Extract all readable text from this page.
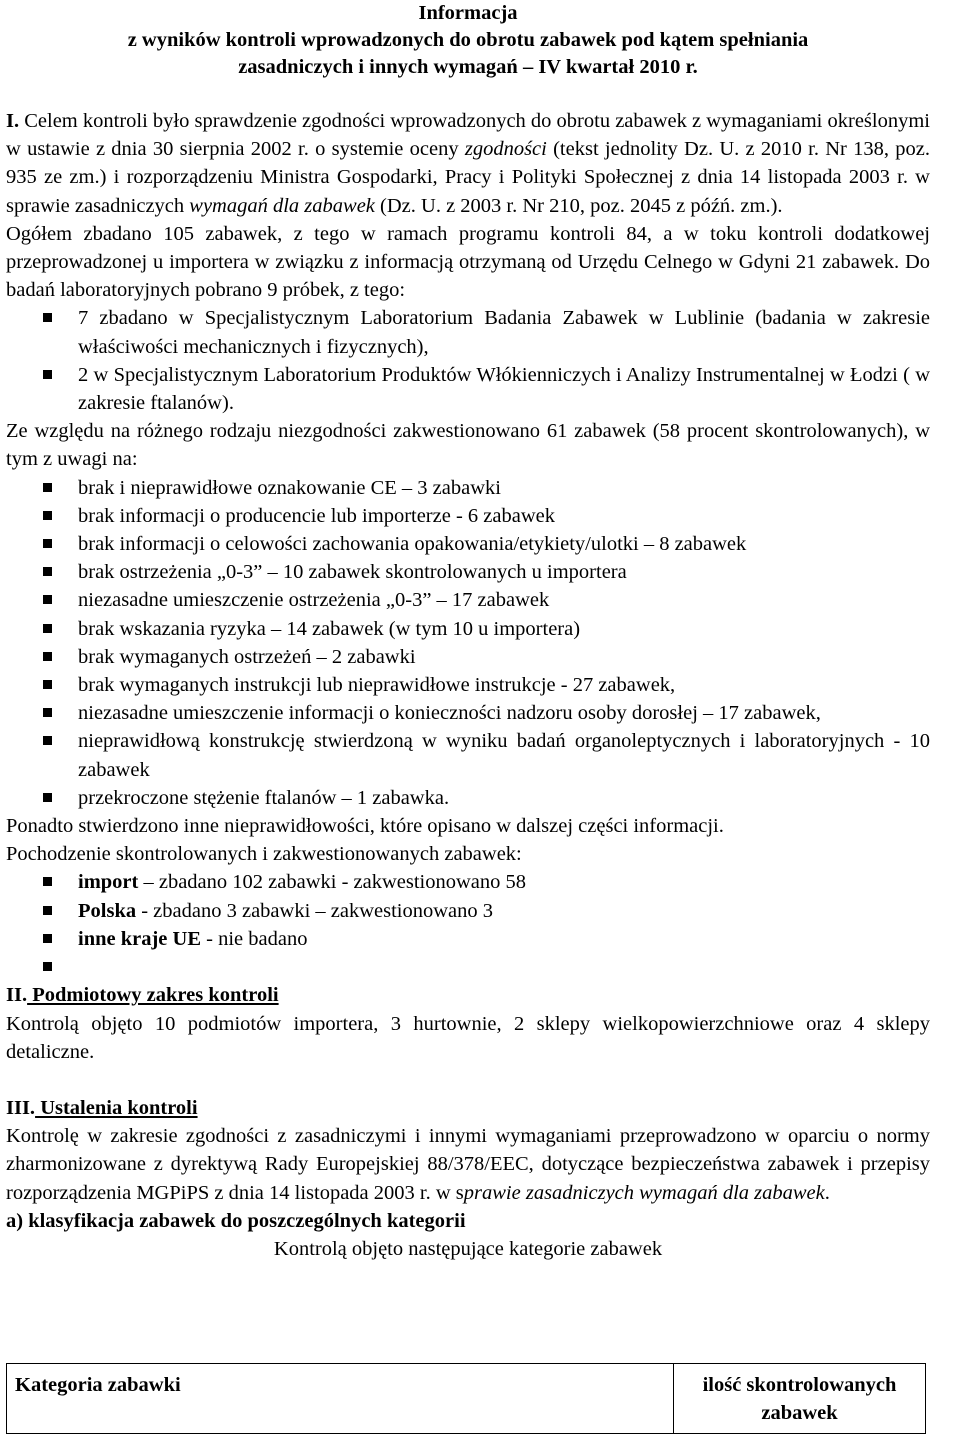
Informacja
z wyników kontroli wprowadzonych do obrotu zabawek pod kątem spełniania
zasadniczych i innych wymagań – IV kwartał 2010 r.

I. Celem kontroli było sprawdzenie zgodności wprowadzonych do obrotu zabawek z wymaganiami określonymi w ustawie z dnia 30 sierpnia 2002 r. o systemie oceny zgodności (tekst jednolity Dz. U. z 2010 r. Nr 138, poz. 935 ze zm.) i rozporządzeniu Ministra Gospodarki, Pracy i Polityki Społecznej z dnia 14 listopada 2003 r. w sprawie zasadniczych wymagań dla zabawek (Dz. U. z 2003 r. Nr 210, poz. 2045 z późń. zm.).

Ogółem zbadano 105 zabawek, z tego w ramach programu kontroli 84, a w toku kontroli dodatkowej przeprowadzonej u importera w związku z informacją otrzymaną od Urzędu Celnego w Gdyni 21 zabawek. Do badań laboratoryjnych pobrano 9 próbek, z tego:

7 zbadano w Specjalistycznym Laboratorium Badania Zabawek w Lublinie (badania w zakresie właściwości mechanicznych i fizycznych),
2 w Specjalistycznym Laboratorium Produktów Włókienniczych i Analizy Instrumentalnej w Łodzi ( w zakresie ftalanów).

Ze względu na różnego rodzaju niezgodności zakwestionowano 61 zabawek (58 procent skontrolowanych), w tym z uwagi na:

brak i nieprawidłowe oznakowanie CE – 3 zabawki
brak informacji o producencie lub importerze - 6 zabawek
brak informacji o celowości zachowania opakowania/etykiety/ulotki – 8 zabawek
brak ostrzeżenia „0-3” – 10 zabawek skontrolowanych u importera
niezasadne umieszczenie ostrzeżenia „0-3” – 17 zabawek
brak wskazania ryzyka – 14 zabawek (w tym 10 u importera)
brak wymaganych ostrzeżeń – 2 zabawki
brak wymaganych instrukcji lub nieprawidłowe instrukcje - 27 zabawek,
niezasadne umieszczenie informacji o konieczności nadzoru osoby dorosłej – 17 zabawek,
nieprawidłową konstrukcję stwierdzoną w wyniku badań organoleptycznych i laboratoryjnych - 10 zabawek
przekroczone stężenie ftalanów – 1 zabawka.

Ponadto stwierdzono inne nieprawidłowości, które opisano w dalszej części informacji.

Pochodzenie skontrolowanych i zakwestionowanych zabawek:

import – zbadano 102 zabawki - zakwestionowano 58
Polska - zbadano 3 zabawki – zakwestionowano 3
inne kraje UE - nie badano

II. Podmiotowy zakres kontroli

Kontrolą objęto 10 podmiotów importera, 3 hurtownie, 2 sklepy wielkopowierzchniowe oraz 4 sklepy detaliczne.

III. Ustalenia kontroli

Kontrolę w zakresie zgodności z zasadniczymi i innymi wymaganiami przeprowadzono w oparciu o normy zharmonizowane z dyrektywą Rady Europejskiej 88/378/EEC, dotyczące bezpieczeństwa zabawek i przepisy rozporządzenia MGPiPS z dnia 14 listopada 2003 r. w sprawie zasadniczych wymagań dla zabawek.

a) klasyfikacja zabawek do poszczególnych kategorii

Kontrolą objęto następujące kategorie zabawek

Kategoria zabawki	ilość skontrolowanych zabawek
